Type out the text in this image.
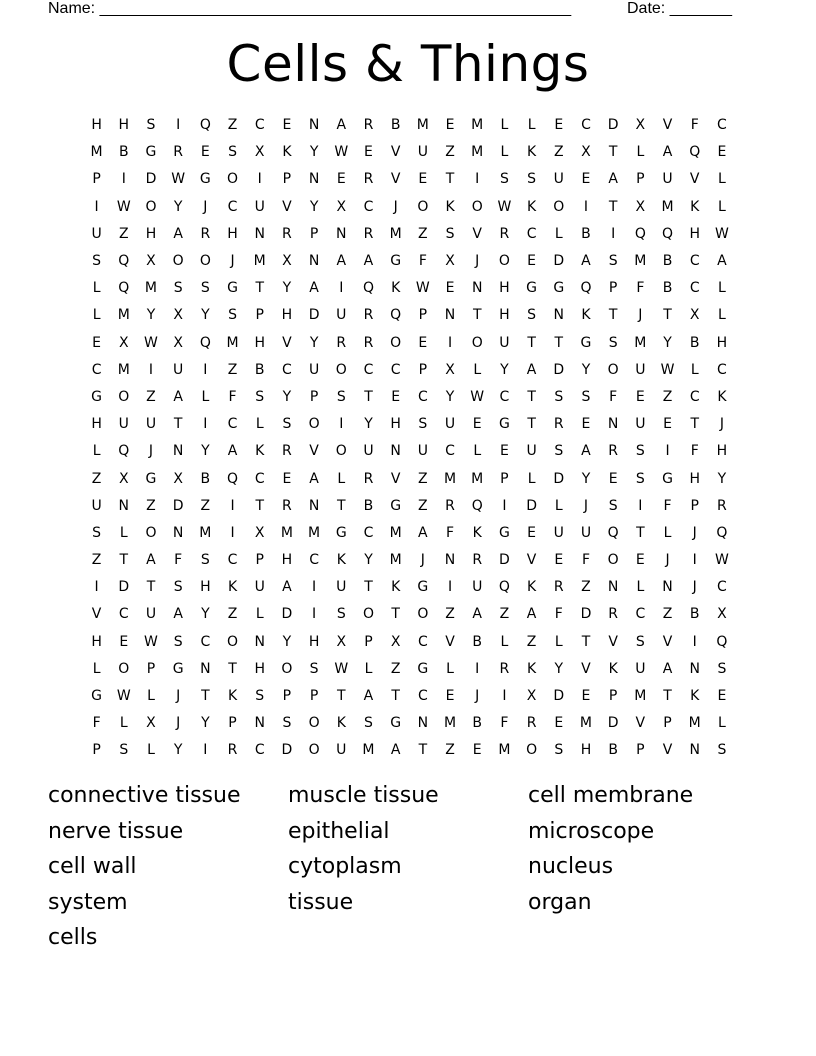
Name: _____________________________________________________	Date: _______
Cells & Things
H	H	S	I	Q	Z	C	E	N	A	R	B	M	E	M	L	L	E	C	D	X	V	F	C
M	B	G	R	E	S	X	K	Y	W	E	V	U	Z	M	L	K	Z	X	T	L	A	Q	E
P	I	D	W	G	O	I	P	N	E	R	V	E	T	I	S	S	U	E	A	P	U	V	L
I	W	O	Y	J	C	U	V	Y	X	C	J	O	K	O	W	K	O	I	T	X	M	K	L
U	Z	H	A	R	H	N	R	P	N	R	M	Z	S	V	R	C	L	B	I	Q	Q	H	W
S	Q	X	O	O	J	M	X	N	A	A	G	F	X	J	O	E	D	A	S	M	B	C	A
L	Q	M	S	S	G	T	Y	A	I	Q	K	W	E	N	H	G	G	Q	P	F	B	C	L
L	M	Y	X	Y	S	P	H	D	U	R	Q	P	N	T	H	S	N	K	T	J	T	X	L
E	X	W	X	Q	M	H	V	Y	R	R	O	E	I	O	U	T	T	G	S	M	Y	B	H
C	M	I	U	I	Z	B	C	U	O	C	C	P	X	L	Y	A	D	Y	O	U	W	L	C
G	O	Z	A	L	F	S	Y	P	S	T	E	C	Y	W	C	T	S	S	F	E	Z	C	K
H	U	U	T	I	C	L	S	O	I	Y	H	S	U	E	G	T	R	E	N	U	E	T	J
L	Q	J	N	Y	A	K	R	V	O	U	N	U	C	L	E	U	S	A	R	S	I	F	H
Z	X	G	X	B	Q	C	E	A	L	R	V	Z	M	M	P	L	D	Y	E	S	G	H	Y
U	N	Z	D	Z	I	T	R	N	T	B	G	Z	R	Q	I	D	L	J	S	I	F	P	R
S	L	O	N	M	I	X	M	M	G	C	M	A	F	K	G	E	U	U	Q	T	L	J	Q
Z	T	A	F	S	C	P	H	C	K	Y	M	J	N	R	D	V	E	F	O	E	J	I	W
I	D	T	S	H	K	U	A	I	U	T	K	G	I	U	Q	K	R	Z	N	L	N	J	C
V	C	U	A	Y	Z	L	D	I	S	O	T	O	Z	A	Z	A	F	D	R	C	Z	B	X
H	E	W	S	C	O	N	Y	H	X	P	X	C	V	B	L	Z	L	T	V	S	V	I	Q
L	O	P	G	N	T	H	O	S	W	L	Z	G	L	I	R	K	Y	V	K	U	A	N	S
G	W	L	J	T	K	S	P	P	T	A	T	C	E	J	I	X	D	E	P	M	T	K	E
F	L	X	J	Y	P	N	S	O	K	S	G	N	M	B	F	R	E	M	D	V	P	M	L
P	S	L	Y	I	R	C	D	O	U	M	A	T	Z	E	M	O	S	H	B	P	V	N	S
connective tissue	muscle tissue	cell membrane
nerve tissue	epithelial	microscope
cell wall	cytoplasm	nucleus
system	tissue	organ
cells
